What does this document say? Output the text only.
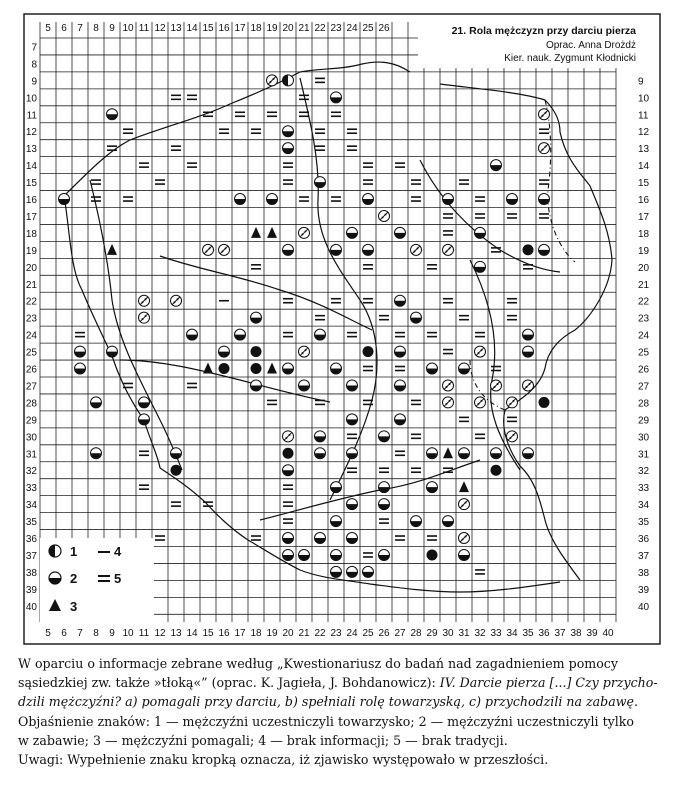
5 6 7 8 9 10 11 12 13 14 15 16 17 18 19 20 21 22 23 24 25 26
5 6 7 8 9 10 11 12 13 14 15 16 17 18 19 20 21 22 23 24 25 26 27 28 29 30 31 32 33 34 35 36 37 38 39 40
7
8
9
10
11
12
13
14
15
16
17
18
19
20
21
22
23
24
25
26
27
28
29
30
31
32
33
34
35
36
37
38
39
40
9
10
11
12
13
14
15
16
17
18
19
20
21
22
23
24
25
26
27
28
29
30
31
32
33
34
35
36
37
38
39
40
21. Rola mężczyzn przy darciu pierza
Oprac. Anna Drożdż
Kier. nauk. Zygmunt Kłodnicki
1
2
3
4
5

W oparciu o informacje zebrane według „Kwestionariusz do badań nad zagadnieniem pomocy
sąsiedzkiej zw. także »tłoką«” (oprac. K. Jagieła, J. Bohdanowicz): IV. Darcie pierza [...] Czy przycho-
dzili mężczyźni? a) pomagali przy darciu, b) spełniali rolę towarzyską, c) przychodzili na zabawę.
Objaśnienie znaków: 1 — mężczyźni uczestniczyli towarzysko; 2 — mężczyźni uczestniczyli tylko
w zabawie; 3 — mężczyźni pomagali; 4 — brak informacji; 5 — brak tradycji.
Uwagi: Wypełnienie znaku kropką oznacza, iż zjawisko występowało w przeszłości.
